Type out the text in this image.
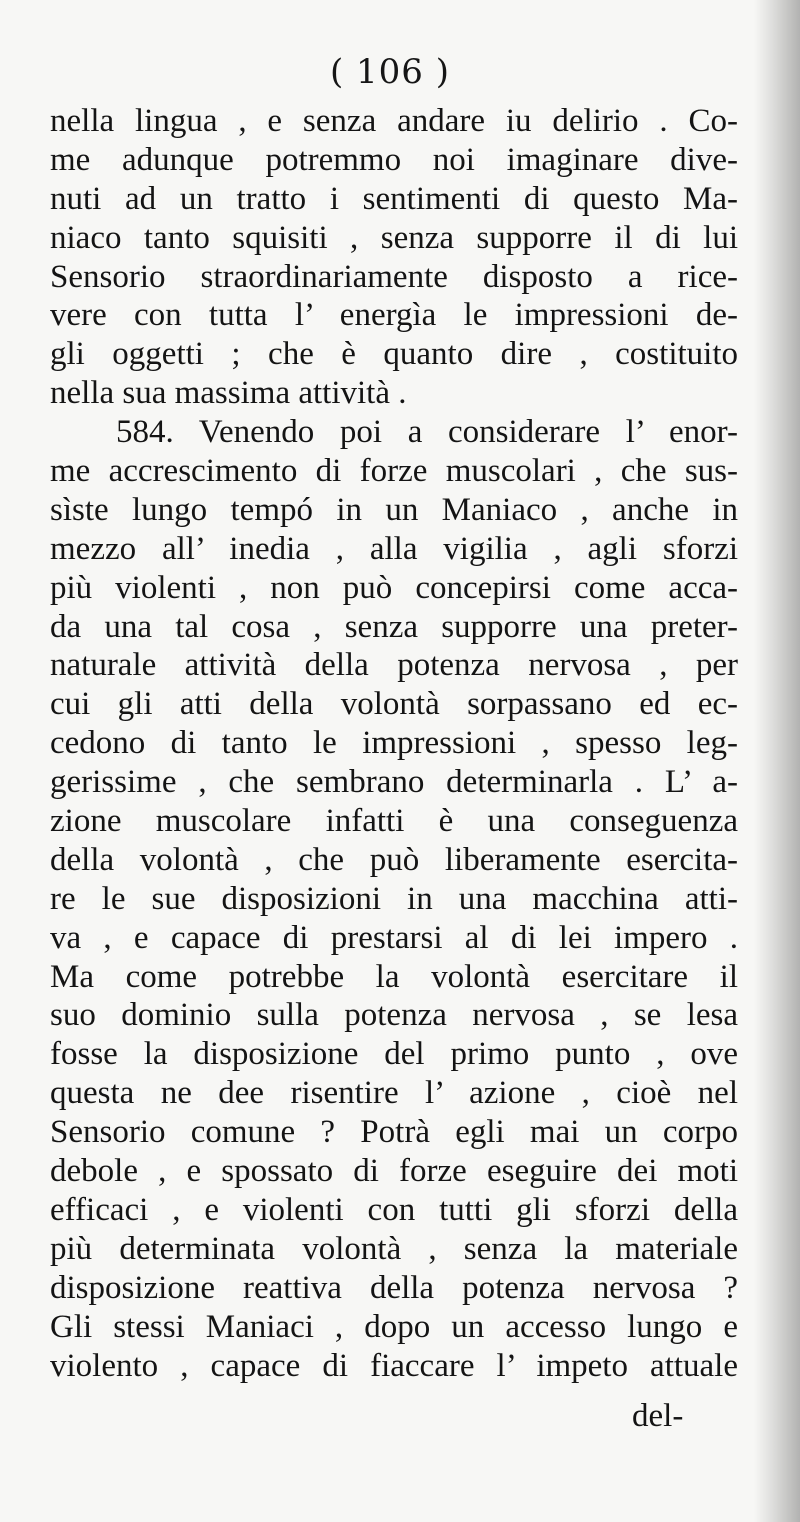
( 106 )
nella lingua , e senza andare iu delirio . Co-
me adunque potremmo noi imaginare dive-
nuti ad un tratto i sentimenti di questo Ma-
niaco tanto squisiti , senza supporre il di lui
Sensorio straordinariamente disposto a rice-
vere con tutta l’ energìa le impressioni de-
gli oggetti ; che è quanto dire , costituito
nella sua massima attività .
584. Venendo poi a considerare l’ enor-
me accrescimento di forze muscolari , che sus-
sìste lungo tempó in un Maniaco , anche in
mezzo all’ inedia , alla vigilia , agli sforzi
più violenti , non può concepirsi come acca-
da una tal cosa , senza supporre una preter-
naturale attività della potenza nervosa , per
cui gli atti della volontà sorpassano ed ec-
cedono di tanto le impressioni , spesso leg-
gerissime , che sembrano determinarla . L’ a-
zione muscolare infatti è una conseguenza
della volontà , che può liberamente esercita-
re le sue disposizioni in una macchina atti-
va , e capace di prestarsi al di lei impero .
Ma come potrebbe la volontà esercitare il
suo dominio sulla potenza nervosa , se lesa
fosse la disposizione del primo punto , ove
questa ne dee risentire l’ azione , cioè nel
Sensorio comune ? Potrà egli mai un corpo
debole , e spossato di forze eseguire dei moti
efficaci , e violenti con tutti gli sforzi della
più determinata volontà , senza la materiale
disposizione reattiva della potenza nervosa ?
Gli stessi Maniaci , dopo un accesso lungo e
violento , capace di fiaccare l’ impeto attuale
del-
